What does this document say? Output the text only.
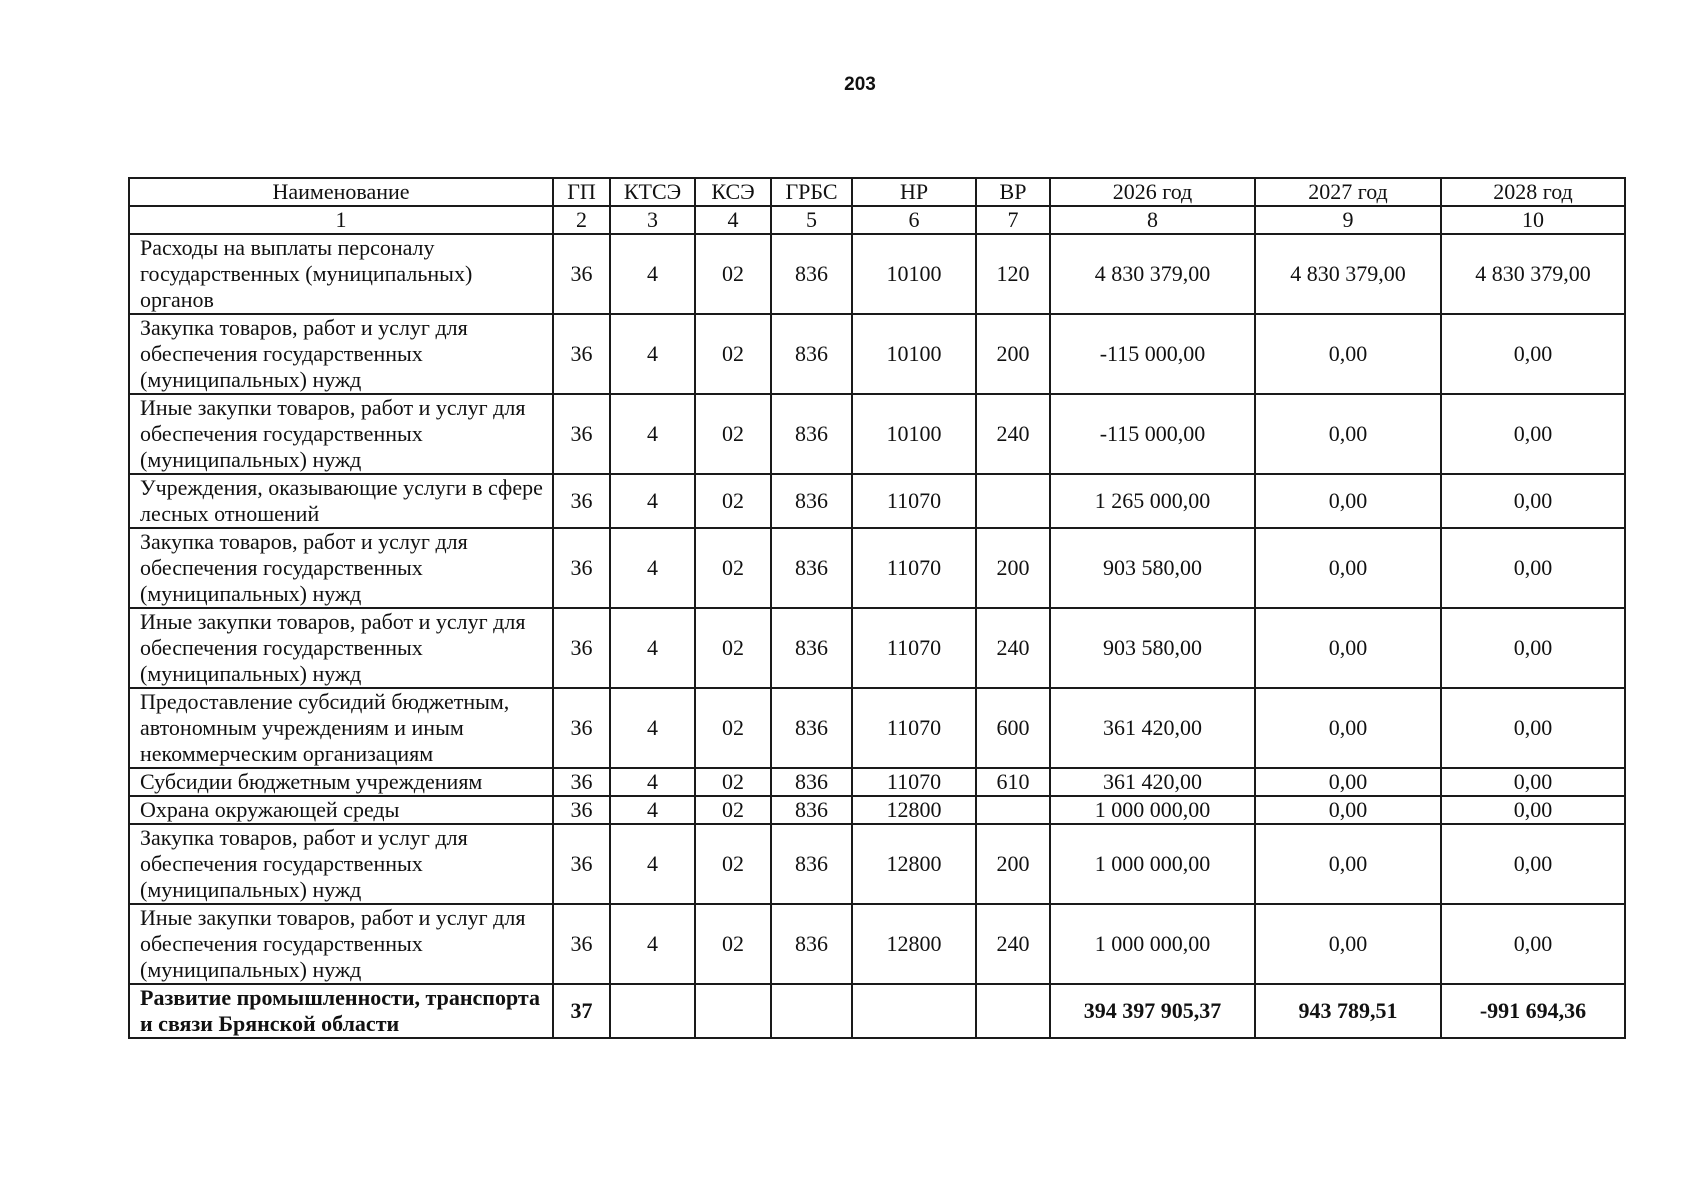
203
Наименование	ГП	КТСЭ	КСЭ	ГРБС	НР	ВР	2026 год	2027 год	2028 год
1	2	3	4	5	6	7	8	9	10
Расходы на выплаты персоналу государственных (муниципальных) органов	36	4	02	836	10100	120	4 830 379,00	4 830 379,00	4 830 379,00
Закупка товаров, работ и услуг для обеспечения государственных (муниципальных) нужд	36	4	02	836	10100	200	-115 000,00	0,00	0,00
Иные закупки товаров, работ и услуг для обеспечения государственных (муниципальных) нужд	36	4	02	836	10100	240	-115 000,00	0,00	0,00
Учреждения, оказывающие услуги в сфере лесных отношений	36	4	02	836	11070		1 265 000,00	0,00	0,00
Закупка товаров, работ и услуг для обеспечения государственных (муниципальных) нужд	36	4	02	836	11070	200	903 580,00	0,00	0,00
Иные закупки товаров, работ и услуг для обеспечения государственных (муниципальных) нужд	36	4	02	836	11070	240	903 580,00	0,00	0,00
Предоставление субсидий бюджетным, автономным учреждениям и иным некоммерческим организациям	36	4	02	836	11070	600	361 420,00	0,00	0,00
Субсидии бюджетным учреждениям	36	4	02	836	11070	610	361 420,00	0,00	0,00
Охрана окружающей среды	36	4	02	836	12800		1 000 000,00	0,00	0,00
Закупка товаров, работ и услуг для обеспечения государственных (муниципальных) нужд	36	4	02	836	12800	200	1 000 000,00	0,00	0,00
Иные закупки товаров, работ и услуг для обеспечения государственных (муниципальных) нужд	36	4	02	836	12800	240	1 000 000,00	0,00	0,00
Развитие промышленности, транспорта и связи Брянской области	37						394 397 905,37	943 789,51	-991 694,36
